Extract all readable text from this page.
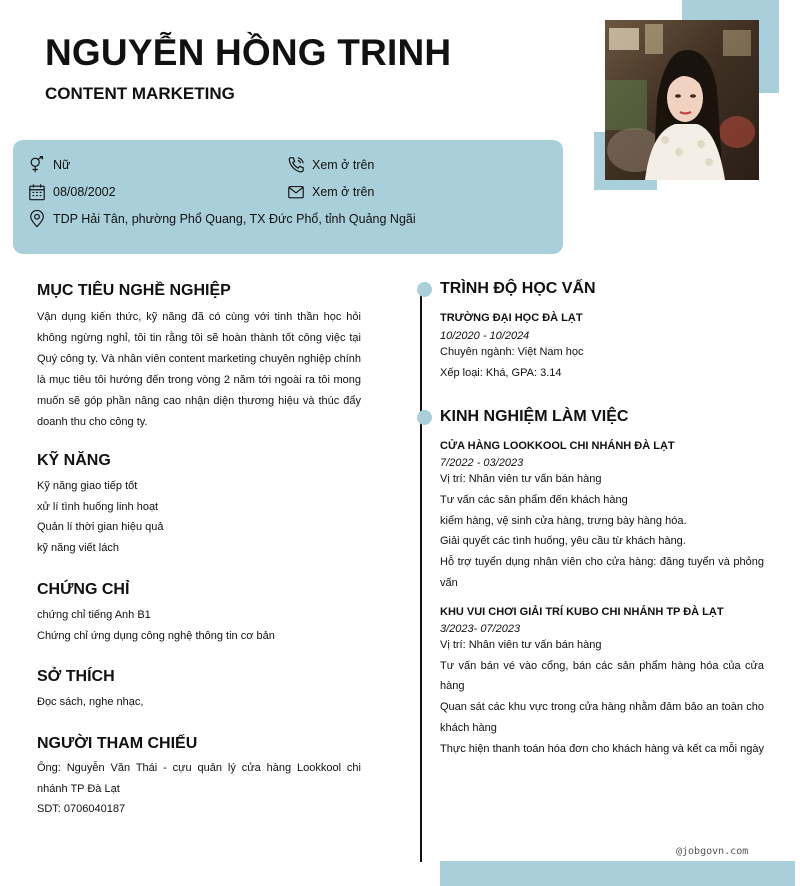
NGUYỄN HỒNG TRINH
CONTENT MARKETING
Nữ	Xem ở trên
08/08/2002	Xem ở trên
TDP Hải Tân, phường Phổ Quang, TX Đức Phổ, tỉnh Quảng Ngãi
MỤC TIÊU NGHỀ NGHIỆP

Vận dụng kiến thức, kỹ năng đã có cùng với tinh thần học hỏi không ngừng nghỉ, tôi tin rằng tôi sẽ hoàn thành tốt công việc tại Quý công ty. Và nhân viên content marketing chuyên nghiệp chính là mục tiêu tôi hướng đến trong vòng 2 năm tới ngoài ra tôi mong muốn sẽ góp phần nâng cao nhận diện thương hiệu và thúc đẩy doanh thu cho công ty.

KỸ NĂNG
Kỹ năng giao tiếp tốt
xử lí tình huống linh hoạt
Quản lí thời gian hiệu quả
kỹ năng viết lách
CHỨNG CHỈ
chứng chỉ tiếng Anh B1
Chứng chỉ ứng dụng công nghệ thông tin cơ bản
SỞ THÍCH
Đọc sách, nghe nhạc,
NGƯỜI THAM CHIẾU

Ông: Nguyễn Văn Thái - cựu quản lý cửa hàng Lookkool chi nhánh TP Đà Lạt

SDT: 0706040187
TRÌNH ĐỘ HỌC VẤN
TRƯỜNG ĐẠI HỌC ĐÀ LẠT
10/2020 - 10/2024
Chuyên ngành: Việt Nam học
Xếp loại: Khá, GPA: 3.14
KINH NGHIỆM LÀM VIỆC
CỬA HÀNG LOOKKOOL CHI NHÁNH ĐÀ LẠT
7/2022 - 03/2023
Vị trí: Nhân viên tư vấn bán hàng
Tư vấn các sản phẩm đến khách hàng
kiểm hàng, vệ sinh cửa hàng, trưng bày hàng hóa.
Giải quyết các tình huống, yêu cầu từ khách hàng.
Hỗ trợ tuyển dụng nhân viên cho cửa hàng: đăng tuyển và phỏng vấn
KHU VUI CHƠI GIẢI TRÍ KUBO CHI NHÁNH TP ĐÀ LẠT
3/2023- 07/2023
Vị trí: Nhân viên tư vấn bán hàng
Tư vấn bán vé vào cổng, bán các sản phẩm hàng hóa của cửa hàng
Quan sát các khu vực trong cửa hàng nhằm đảm bảo an toàn cho khách hàng
Thực hiện thanh toán hóa đơn cho khách hàng và kết ca mỗi ngày
@jobgovn.com
